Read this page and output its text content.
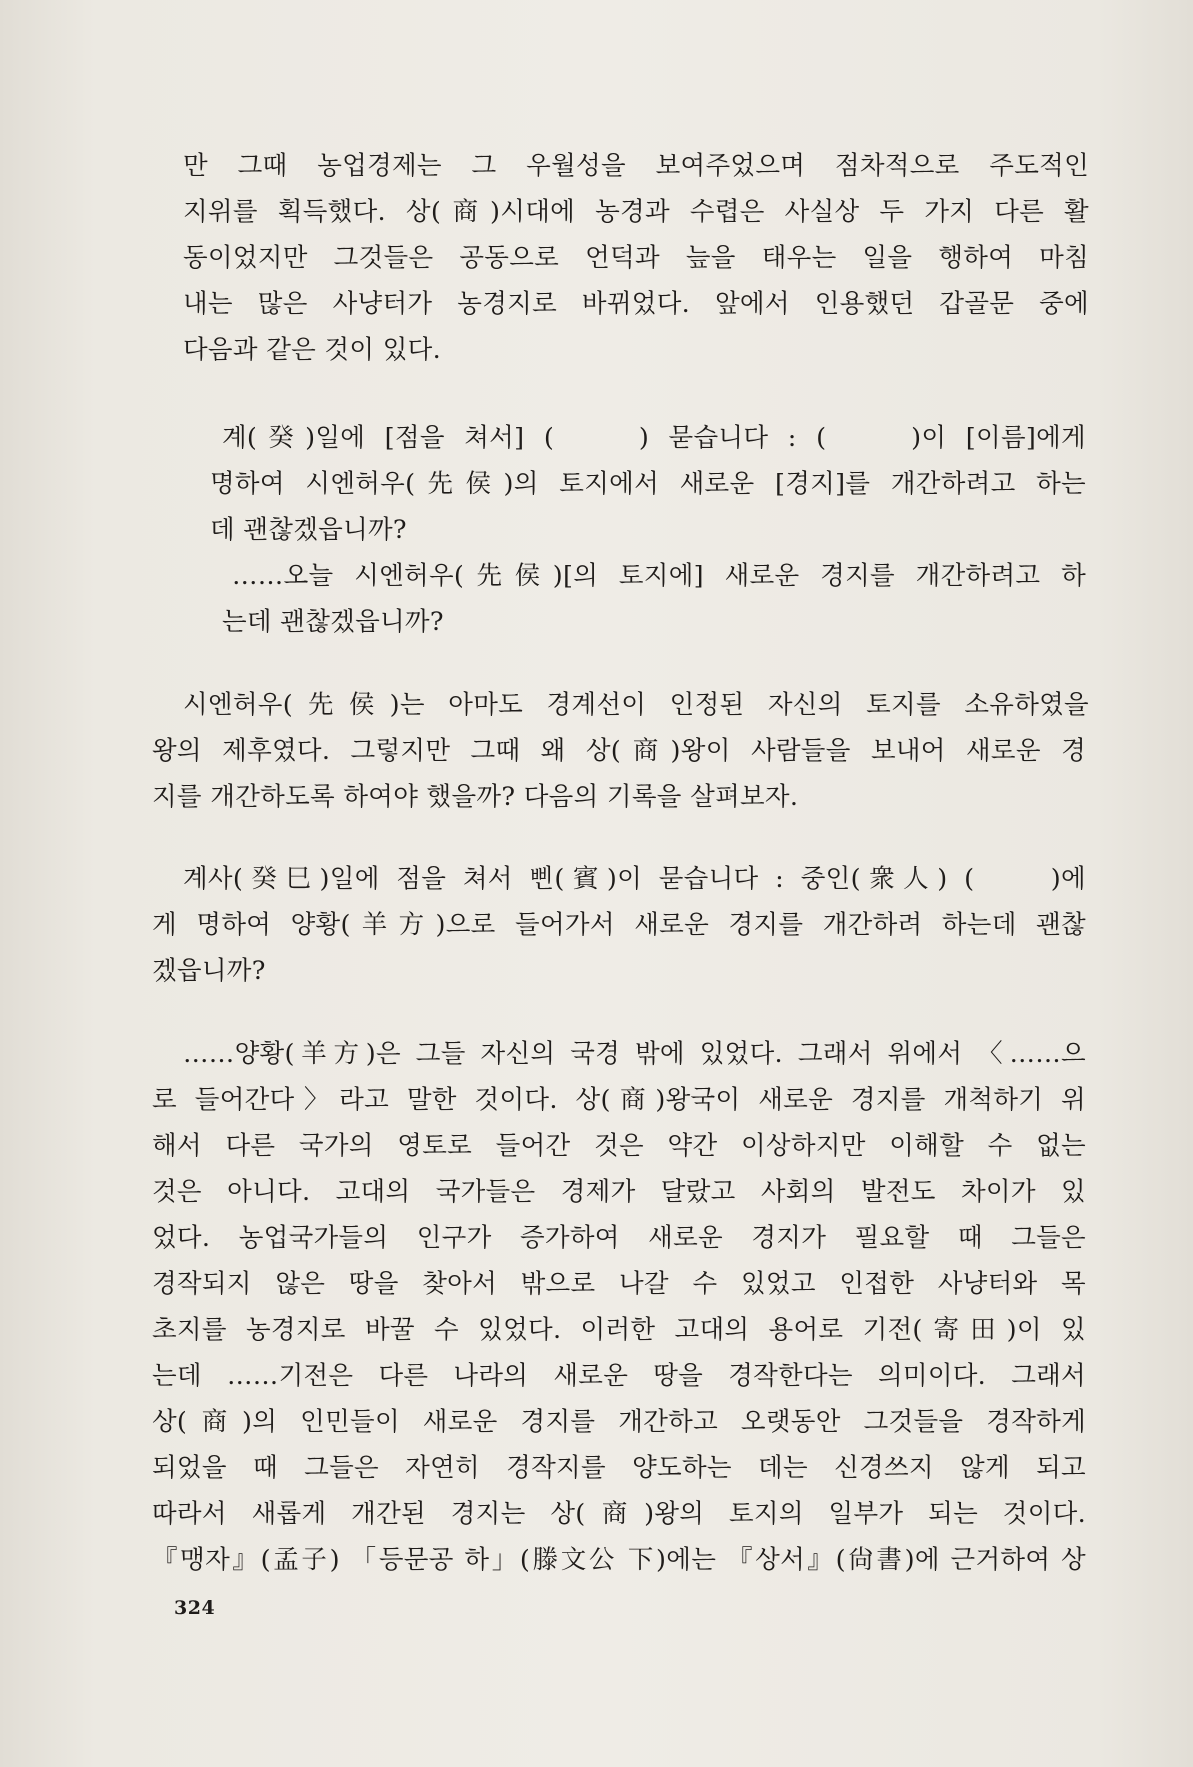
만 그때 농업경제는 그 우월성을 보여주었으며 점차적으로 주도적인
지위를 획득했다. 상(商)시대에 농경과 수렵은 사실상 두 가지 다른 활
동이었지만 그것들은 공동으로 언덕과 늪을 태우는 일을 행하여 마침
내는 많은 사냥터가 농경지로 바뀌었다. 앞에서 인용했던 갑골문 중에
다음과 같은 것이 있다.
계(癸)일에 [점을 쳐서] (　　) 묻습니다 : (　　)이 [이름]에게
명하여 시엔허우(先侯)의 토지에서 새로운 [경지]를 개간하려고 하는
데 괜찮겠읍니까?
……오늘 시엔허우(先侯)[의 토지에] 새로운 경지를 개간하려고 하
는데 괜찮겠읍니까?
시엔허우(先侯)는 아마도 경계선이 인정된 자신의 토지를 소유하였을
왕의 제후였다. 그렇지만 그때 왜 상(商)왕이 사람들을 보내어 새로운 경
지를 개간하도록 하여야 했을까? 다음의 기록을 살펴보자.
계사(癸巳)일에 점을 쳐서 삔(賓)이 묻습니다 : 중인(衆人) (　　)에
게 명하여 양황(羊方)으로 들어가서 새로운 경지를 개간하려 하는데 괜찮
겠읍니까?
……양황(羊方)은 그들 자신의 국경 밖에 있었다. 그래서 위에서 〈……으
로 들어간다〉라고 말한 것이다. 상(商)왕국이 새로운 경지를 개척하기 위
해서 다른 국가의 영토로 들어간 것은 약간 이상하지만 이해할 수 없는
것은 아니다. 고대의 국가들은 경제가 달랐고 사회의 발전도 차이가 있
었다. 농업국가들의 인구가 증가하여 새로운 경지가 필요할 때 그들은
경작되지 않은 땅을 찾아서 밖으로 나갈 수 있었고 인접한 사냥터와 목
초지를 농경지로 바꿀 수 있었다. 이러한 고대의 용어로 기전(寄田)이 있
는데 ……기전은 다른 나라의 새로운 땅을 경작한다는 의미이다. 그래서
상(商)의 인민들이 새로운 경지를 개간하고 오랫동안 그것들을 경작하게
되었을 때 그들은 자연히 경작지를 양도하는 데는 신경쓰지 않게 되고
따라서 새롭게 개간된 경지는 상(商)왕의 토지의 일부가 되는 것이다.
『맹자』(孟子) 「등문공 하」(滕文公 下)에는 『상서』(尙書)에 근거하여 상
324
